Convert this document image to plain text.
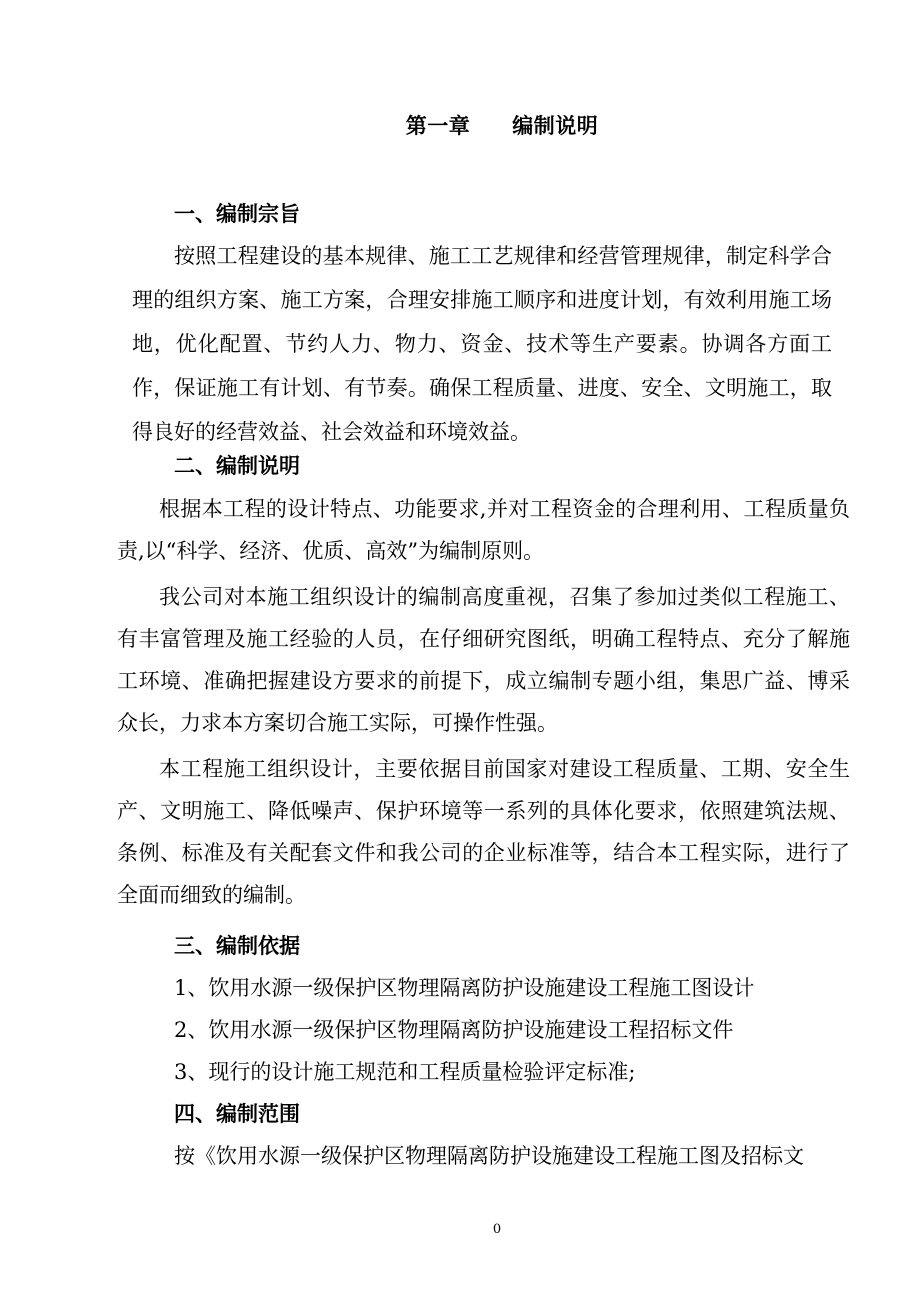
第一章 编制说明
一、编制宗旨
按照工程建设的基本规律、施工工艺规律和经营管理规律，制定科学合理的组织方案、施工方案，合理安排施工顺序和进度计划，有效利用施工场地，优化配置、节约人力、物力、资金、技术等生产要素。协调各方面工作，保证施工有计划、有节奏。确保工程质量、进度、安全、文明施工，取得良好的经营效益、社会效益和环境效益。
二、编制说明
根据本工程的设计特点、功能要求,并对工程资金的合理利用、工程质量负责,以“科学、经济、优质、高效”为编制原则。
我公司对本施工组织设计的编制高度重视，召集了参加过类似工程施工、有丰富管理及施工经验的人员，在仔细研究图纸，明确工程特点、充分了解施工环境、准确把握建设方要求的前提下，成立编制专题小组，集思广益、博采众长，力求本方案切合施工实际，可操作性强。
本工程施工组织设计，主要依据目前国家对建设工程质量、工期、安全生产、文明施工、降低噪声、保护环境等一系列的具体化要求，依照建筑法规、条例、标准及有关配套文件和我公司的企业标准等，结合本工程实际，进行了全面而细致的编制。
三、编制依据
1、饮用水源一级保护区物理隔离防护设施建设工程施工图设计
2、饮用水源一级保护区物理隔离防护设施建设工程招标文件
3、现行的设计施工规范和工程质量检验评定标准;
四、编制范围
按《饮用水源一级保护区物理隔离防护设施建设工程施工图及招标文
0
